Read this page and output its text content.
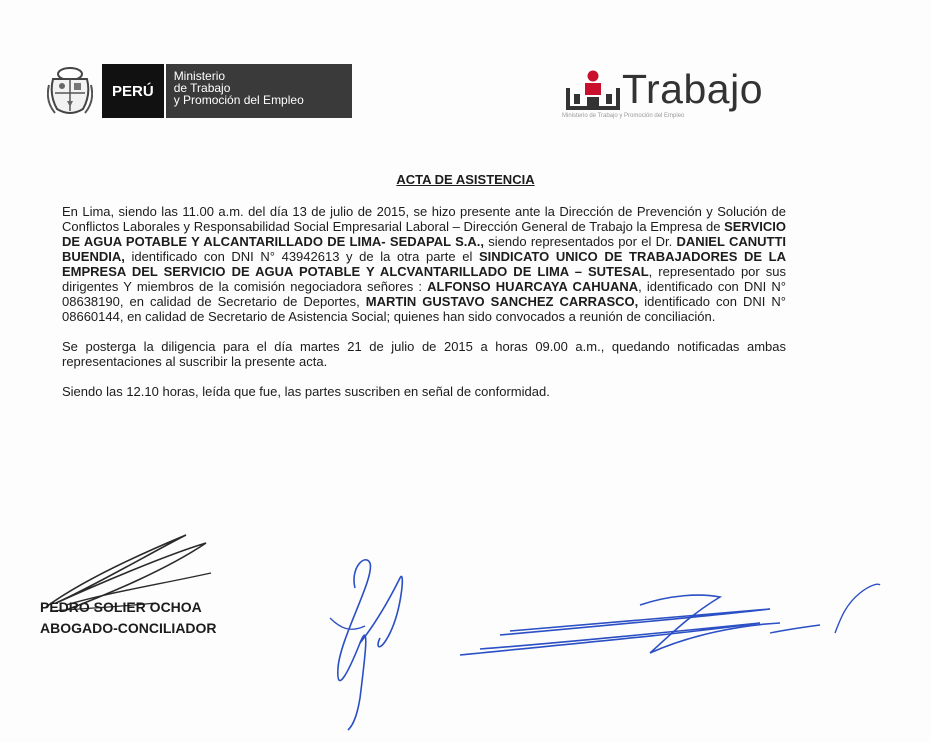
PERÚ
Ministerio
de Trabajo
y Promoción del Empleo	Trabajo
Ministerio de Trabajo y Promoción del Empleo
ACTA DE ASISTENCIA

En Lima, siendo las 11.00 a.m. del día 13 de julio de 2015, se hizo presente ante la Dirección de Prevención y Solución de Conflictos Laborales y Responsabilidad Social Empresarial Laboral – Dirección General de Trabajo la Empresa de SERVICIO DE AGUA POTABLE Y ALCANTARILLADO DE LIMA- SEDAPAL S.A., siendo representados por el Dr. DANIEL CANUTTI BUENDIA, identificado con DNI N° 43942613 y de la otra parte el SINDICATO UNICO DE TRABAJADORES DE LA EMPRESA DEL SERVICIO DE AGUA POTABLE Y ALCVANTARILLADO DE LIMA – SUTESAL, representado por sus dirigentes Y miembros de la comisión negociadora señores : ALFONSO HUARCAYA CAHUANA, identificado con DNI N° 08638190, en calidad de Secretario de Deportes, MARTIN GUSTAVO SANCHEZ CARRASCO, identificado con DNI N° 08660144, en calidad de Secretario de Asistencia Social; quienes han sido convocados a reunión de conciliación.

Se posterga la diligencia para el día martes 21 de julio de 2015 a horas 09.00 a.m., quedando notificadas ambas representaciones al suscribir la presente acta.

Siendo las 12.10 horas, leída que fue, las partes suscriben en señal de conformidad.

PEDRO SOLIER OCHOA
ABOGADO-CONCILIADOR
